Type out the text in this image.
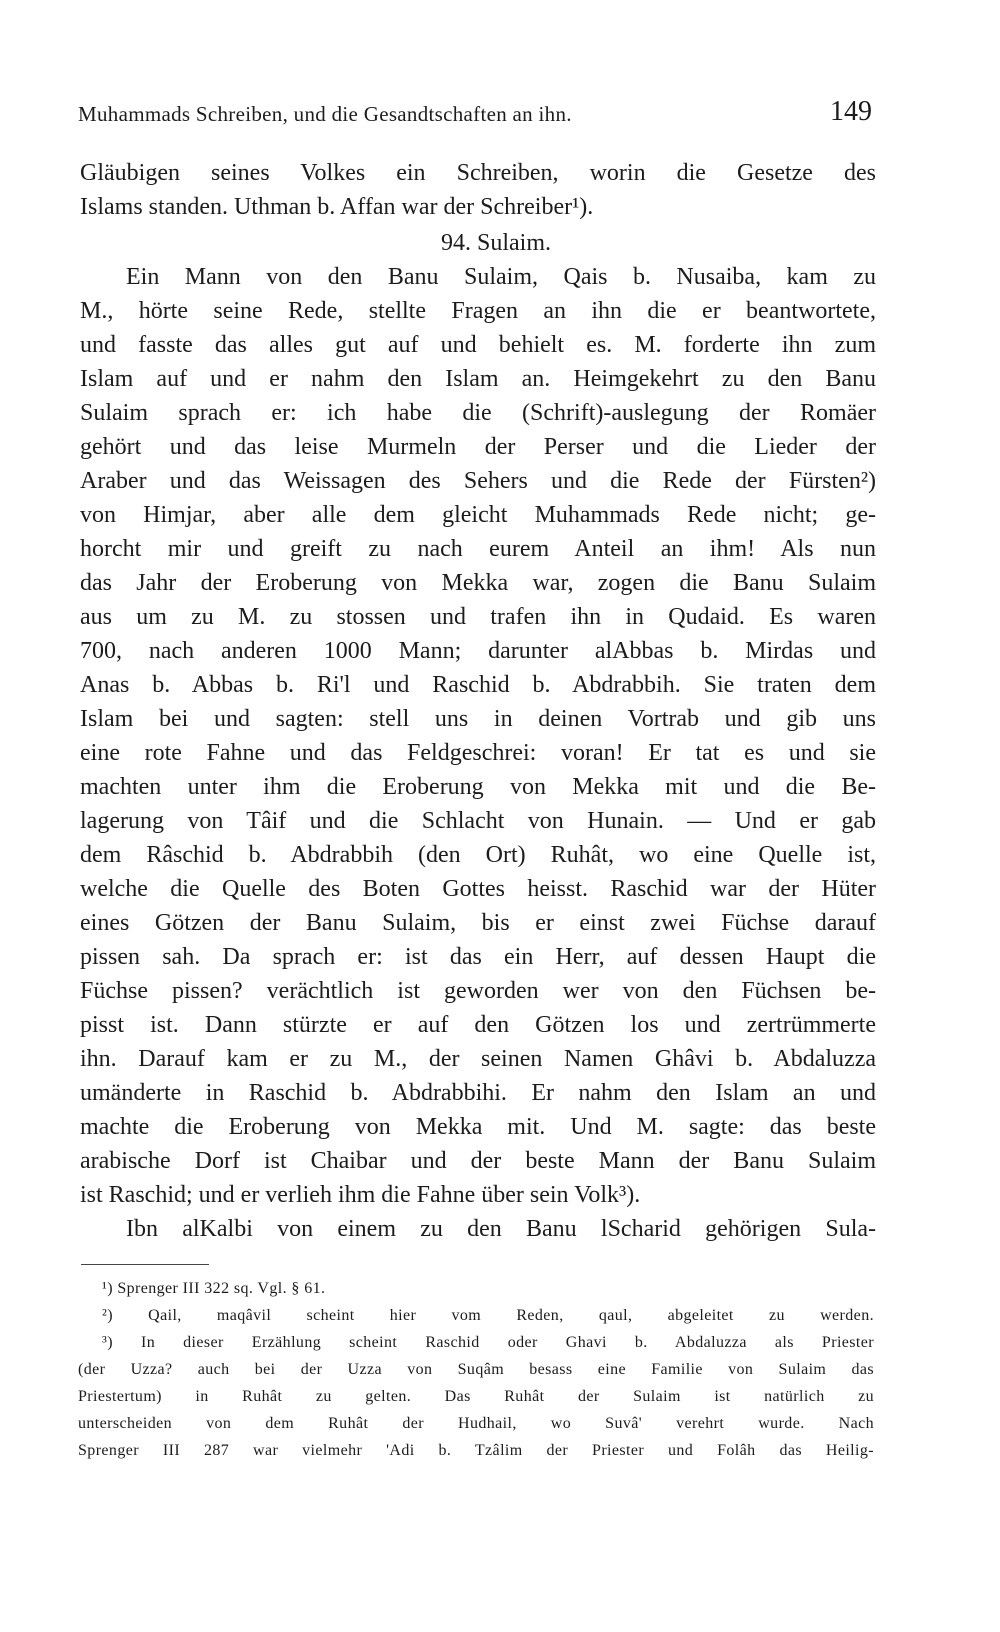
Muhammads Schreiben, und die Gesandtschaften an ihn.	149
Gläubigen seines Volkes ein Schreiben, worin die Gesetze des
Islams standen. Uthman b. Affan war der Schreiber¹).
94. Sulaim.
Ein Mann von den Banu Sulaim, Qais b. Nusaiba, kam zu
M., hörte seine Rede, stellte Fragen an ihn die er beantwortete,
und fasste das alles gut auf und behielt es. M. forderte ihn zum
Islam auf und er nahm den Islam an. Heimgekehrt zu den Banu
Sulaim sprach er: ich habe die (Schrift)-auslegung der Romäer
gehört und das leise Murmeln der Perser und die Lieder der
Araber und das Weissagen des Sehers und die Rede der Fürsten²)
von Himjar, aber alle dem gleicht Muhammads Rede nicht; ge-
horcht mir und greift zu nach eurem Anteil an ihm! Als nun
das Jahr der Eroberung von Mekka war, zogen die Banu Sulaim
aus um zu M. zu stossen und trafen ihn in Qudaid. Es waren
700, nach anderen 1000 Mann; darunter alAbbas b. Mirdas und
Anas b. Abbas b. Ri'l und Raschid b. Abdrabbih. Sie traten dem
Islam bei und sagten: stell uns in deinen Vortrab und gib uns
eine rote Fahne und das Feldgeschrei: voran! Er tat es und sie
machten unter ihm die Eroberung von Mekka mit und die Be-
lagerung von Tâif und die Schlacht von Hunain. — Und er gab
dem Râschid b. Abdrabbih (den Ort) Ruhât, wo eine Quelle ist,
welche die Quelle des Boten Gottes heisst. Raschid war der Hüter
eines Götzen der Banu Sulaim, bis er einst zwei Füchse darauf
pissen sah. Da sprach er: ist das ein Herr, auf dessen Haupt die
Füchse pissen? verächtlich ist geworden wer von den Füchsen be-
pisst ist. Dann stürzte er auf den Götzen los und zertrümmerte
ihn. Darauf kam er zu M., der seinen Namen Ghâvi b. Abdaluzza
umänderte in Raschid b. Abdrabbihi. Er nahm den Islam an und
machte die Eroberung von Mekka mit. Und M. sagte: das beste
arabische Dorf ist Chaibar und der beste Mann der Banu Sulaim
ist Raschid; und er verlieh ihm die Fahne über sein Volk³).
Ibn alKalbi von einem zu den Banu lScharid gehörigen Sula-
¹) Sprenger III 322 sq. Vgl. § 61.
²) Qail, maqâvil scheint hier vom Reden, qaul, abgeleitet zu werden.
³) In dieser Erzählung scheint Raschid oder Ghavi b. Abdaluzza als Priester
(der Uzza? auch bei der Uzza von Suqâm besass eine Familie von Sulaim das
Priestertum) in Ruhât zu gelten. Das Ruhât der Sulaim ist natürlich zu
unterscheiden von dem Ruhât der Hudhail, wo Suvâ' verehrt wurde. Nach
Sprenger III 287 war vielmehr 'Adi b. Tzâlim der Priester und Folâh das Heilig-
